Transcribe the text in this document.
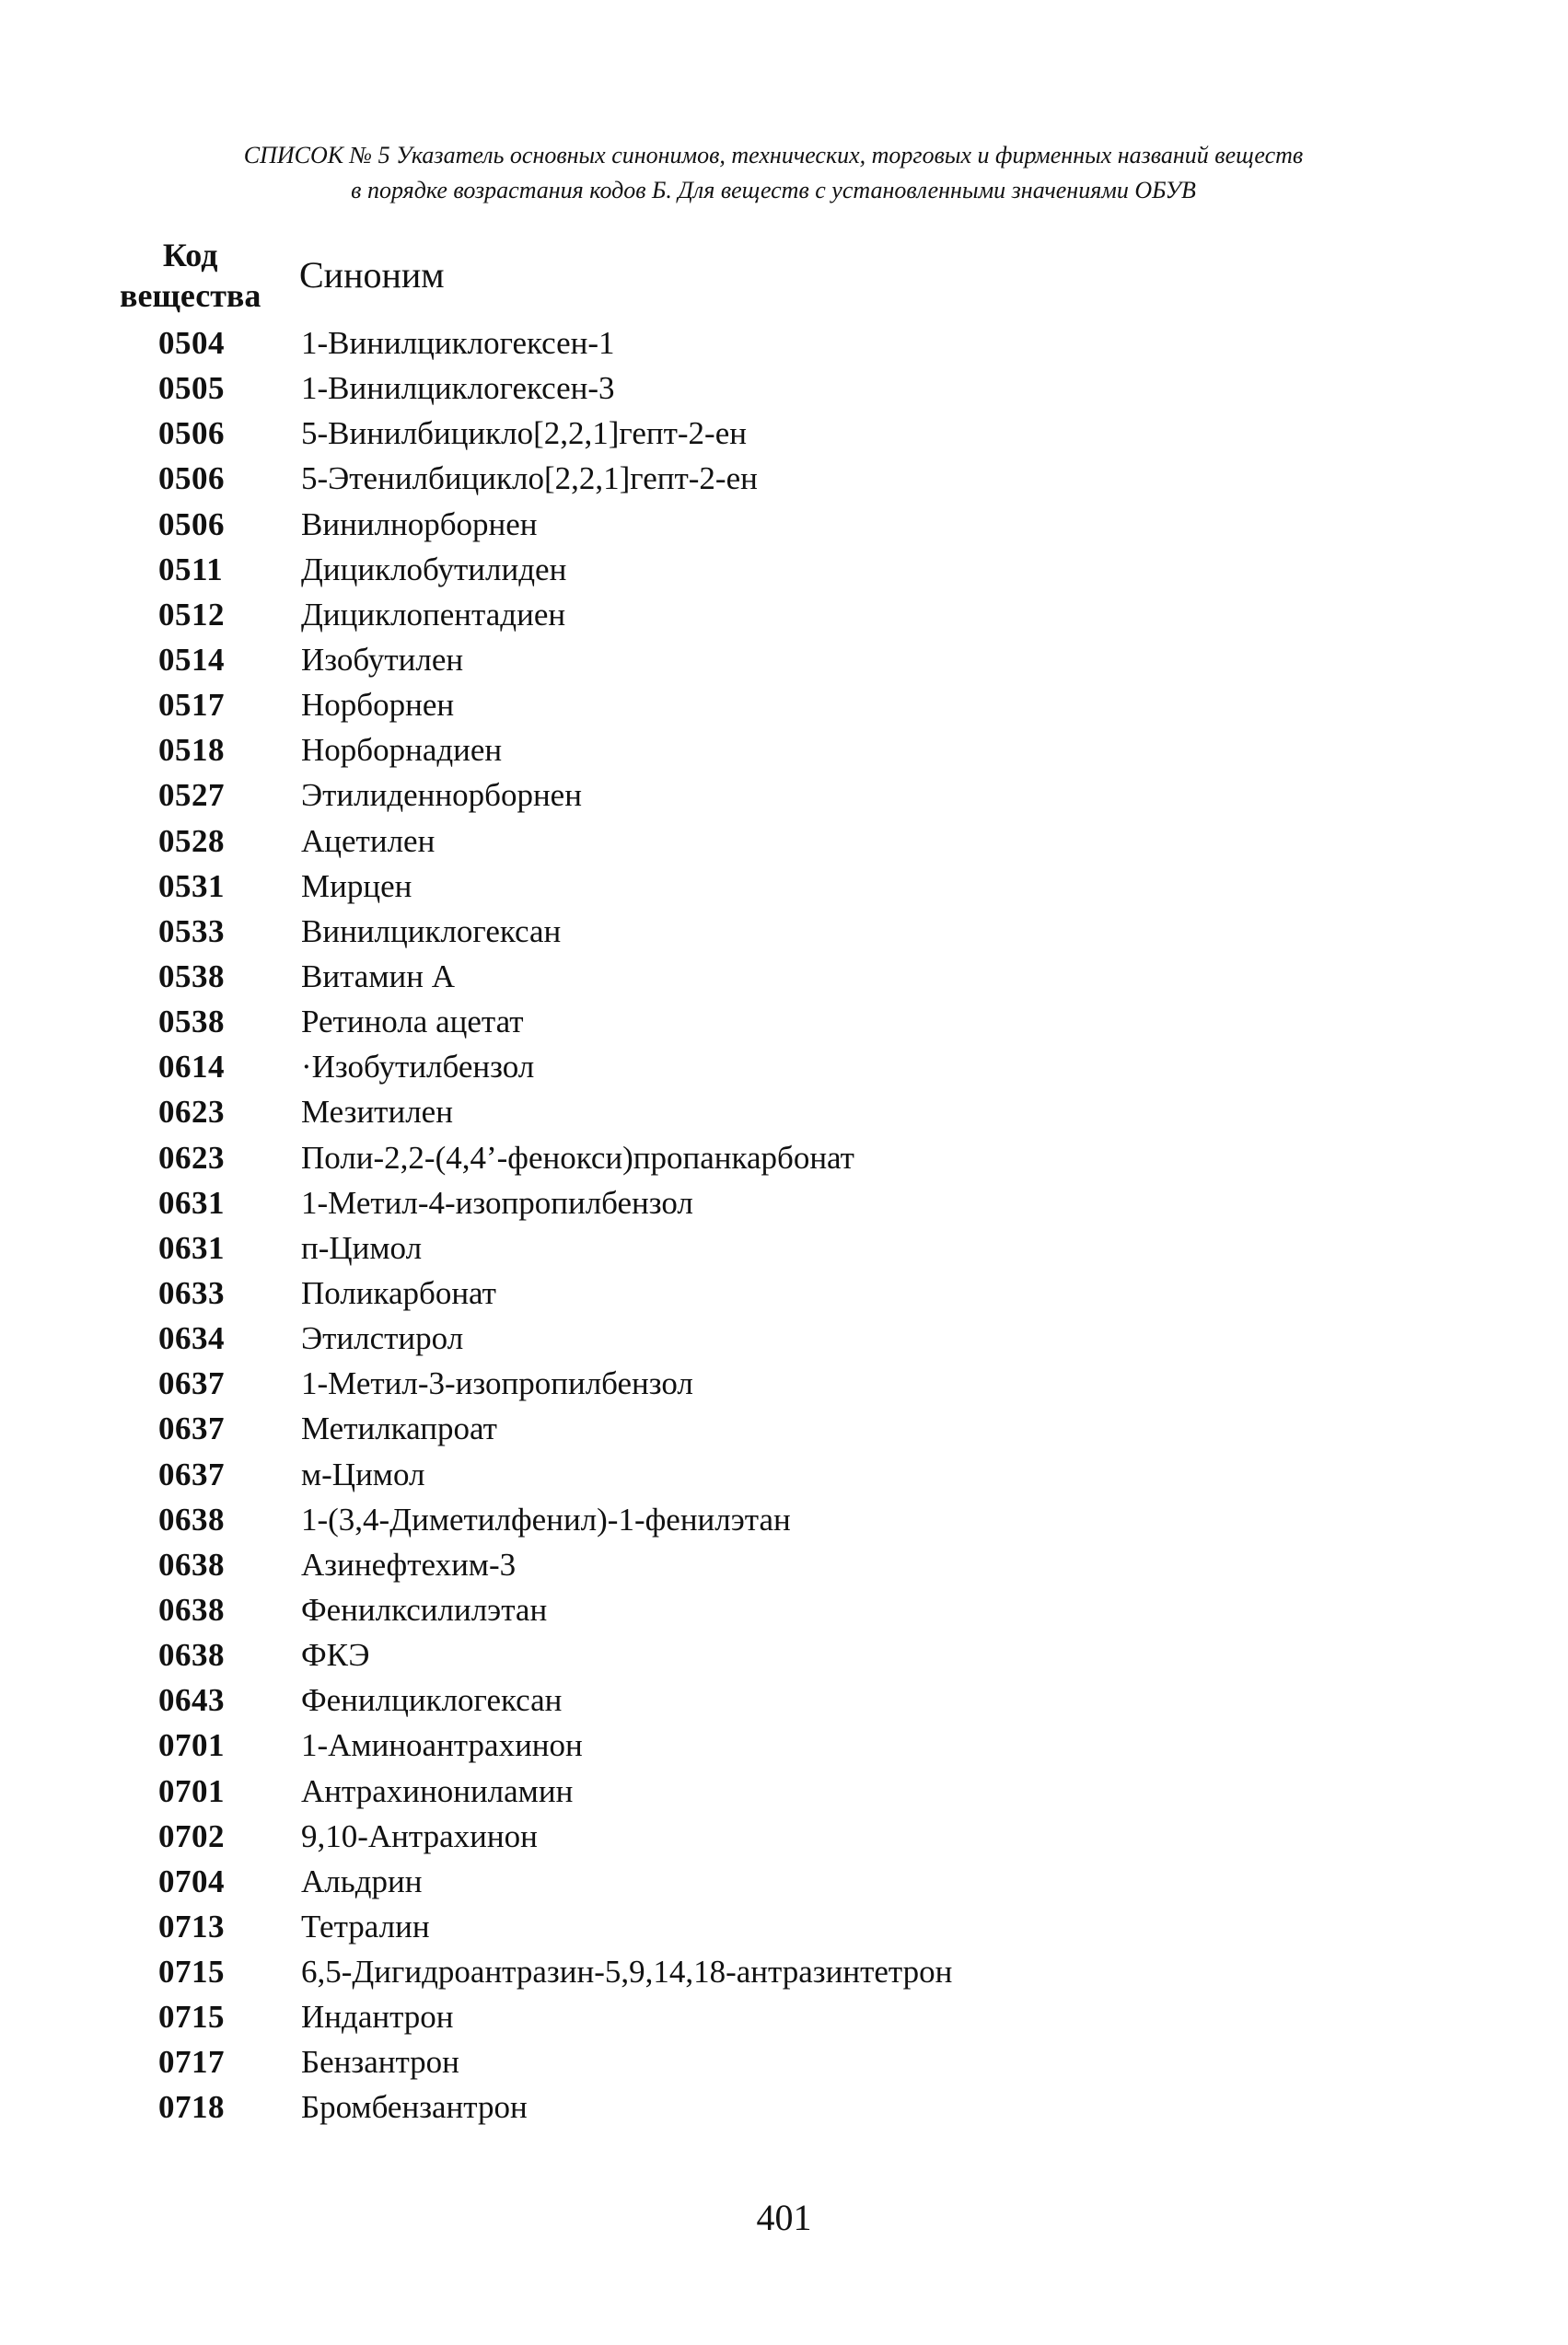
СПИСОК № 5 Указатель основных синонимов, технических, торговых и фирменных названий веществ
в порядке возрастания кодов Б. Для веществ с установленными значениями ОБУВ
Код
вещества Синоним
0504 1-Винилциклогексен-1
0505 1-Винилциклогексен-3
0506 5-Винилбицикло[2,2,1]гепт-2-ен
0506 5-Этенилбицикло[2,2,1]гепт-2-ен
0506 Винилнорборнен
0511 Дициклобутилиден
0512 Дициклопентадиен
0514 Изобутилен
0517 Норборнен
0518 Норборнадиен
0527 Этилиденнорборнен
0528 Ацетилен
0531 Мирцен
0533 Винилциклогексан
0538 Витамин А
0538 Ретинола ацетат
0614 ·Изобутилбензол
0623 Мезитилен
0623 Поли-2,2-(4,4’-фенокси)пропанкарбонат
0631 1-Метил-4-изопропилбензол
0631 п-Цимол
0633 Поликарбонат
0634 Этилстирол
0637 1-Метил-3-изопропилбензол
0637 Метилкапроат
0637 м-Цимол
0638 1-(3,4-Диметилфенил)-1-фенилэтан
0638 Азинефтехим-3
0638 Фенилксилилэтан
0638 ФКЭ
0643 Фенилциклогексан
0701 1-Аминоантрахинон
0701 Антрахинониламин
0702 9,10-Антрахинон
0704 Альдрин
0713 Тетралин
0715 6,5-Дигидроантразин-5,9,14,18-антразинтетрон
0715 Индантрон
0717 Бензантрон
0718 Бромбензантрон
401
